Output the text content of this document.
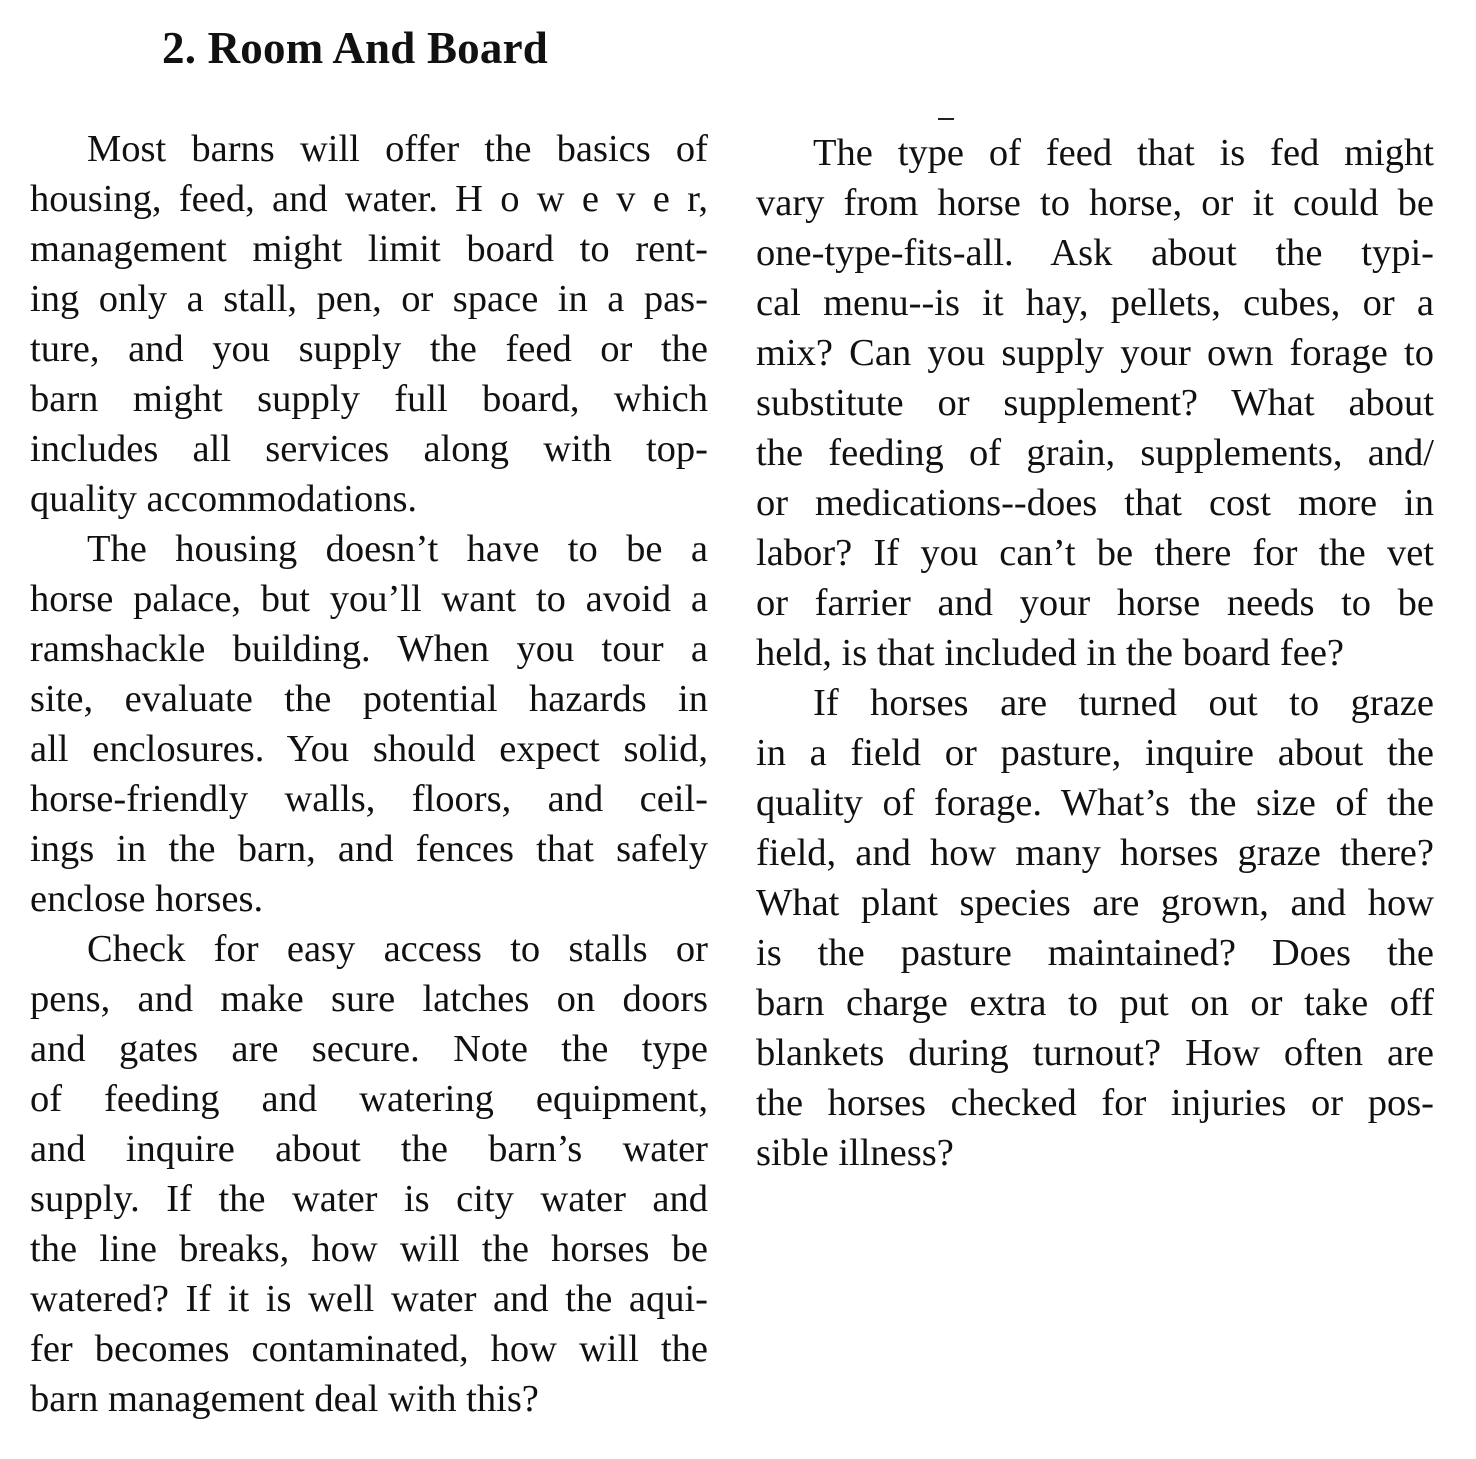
2. Room And Board

Most barns will offer the basics of
housing, feed, and water. H o w e v e r,
management might limit board to rent-
ing only a stall, pen, or space in a pas-
ture, and you supply the feed or the
barn might supply full board, which
includes all services along with top-
quality accommodations.

The housing doesn’t have to be a
horse palace, but you’ll want to avoid a
ramshackle building. When you tour a
site, evaluate the potential hazards in
all enclosures. You should expect solid,
horse-friendly walls, floors, and ceil-
ings in the barn, and fences that safely
enclose horses.

Check for easy access to stalls or
pens, and make sure latches on doors
and gates are secure. Note the type
of feeding and watering equipment,
and inquire about the barn’s water
supply. If the water is city water and
the line breaks, how will the horses be
watered? If it is well water and the aqui-
fer becomes contaminated, how will the
barn management deal with this?

The type of feed that is fed might
vary from horse to horse, or it could be
one-type-fits-all. Ask about the typi-
cal menu--is it hay, pellets, cubes, or a
mix? Can you supply your own forage to
substitute or supplement? What about
the feeding of grain, supplements, and/
or medications--does that cost more in
labor? If you can’t be there for the vet
or farrier and your horse needs to be
held, is that included in the board fee?

If horses are turned out to graze
in a field or pasture, inquire about the
quality of forage. What’s the size of the
field, and how many horses graze there?
What plant species are grown, and how
is the pasture maintained? Does the
barn charge extra to put on or take off
blankets during turnout? How often are
the horses checked for injuries or pos-
sible illness?
